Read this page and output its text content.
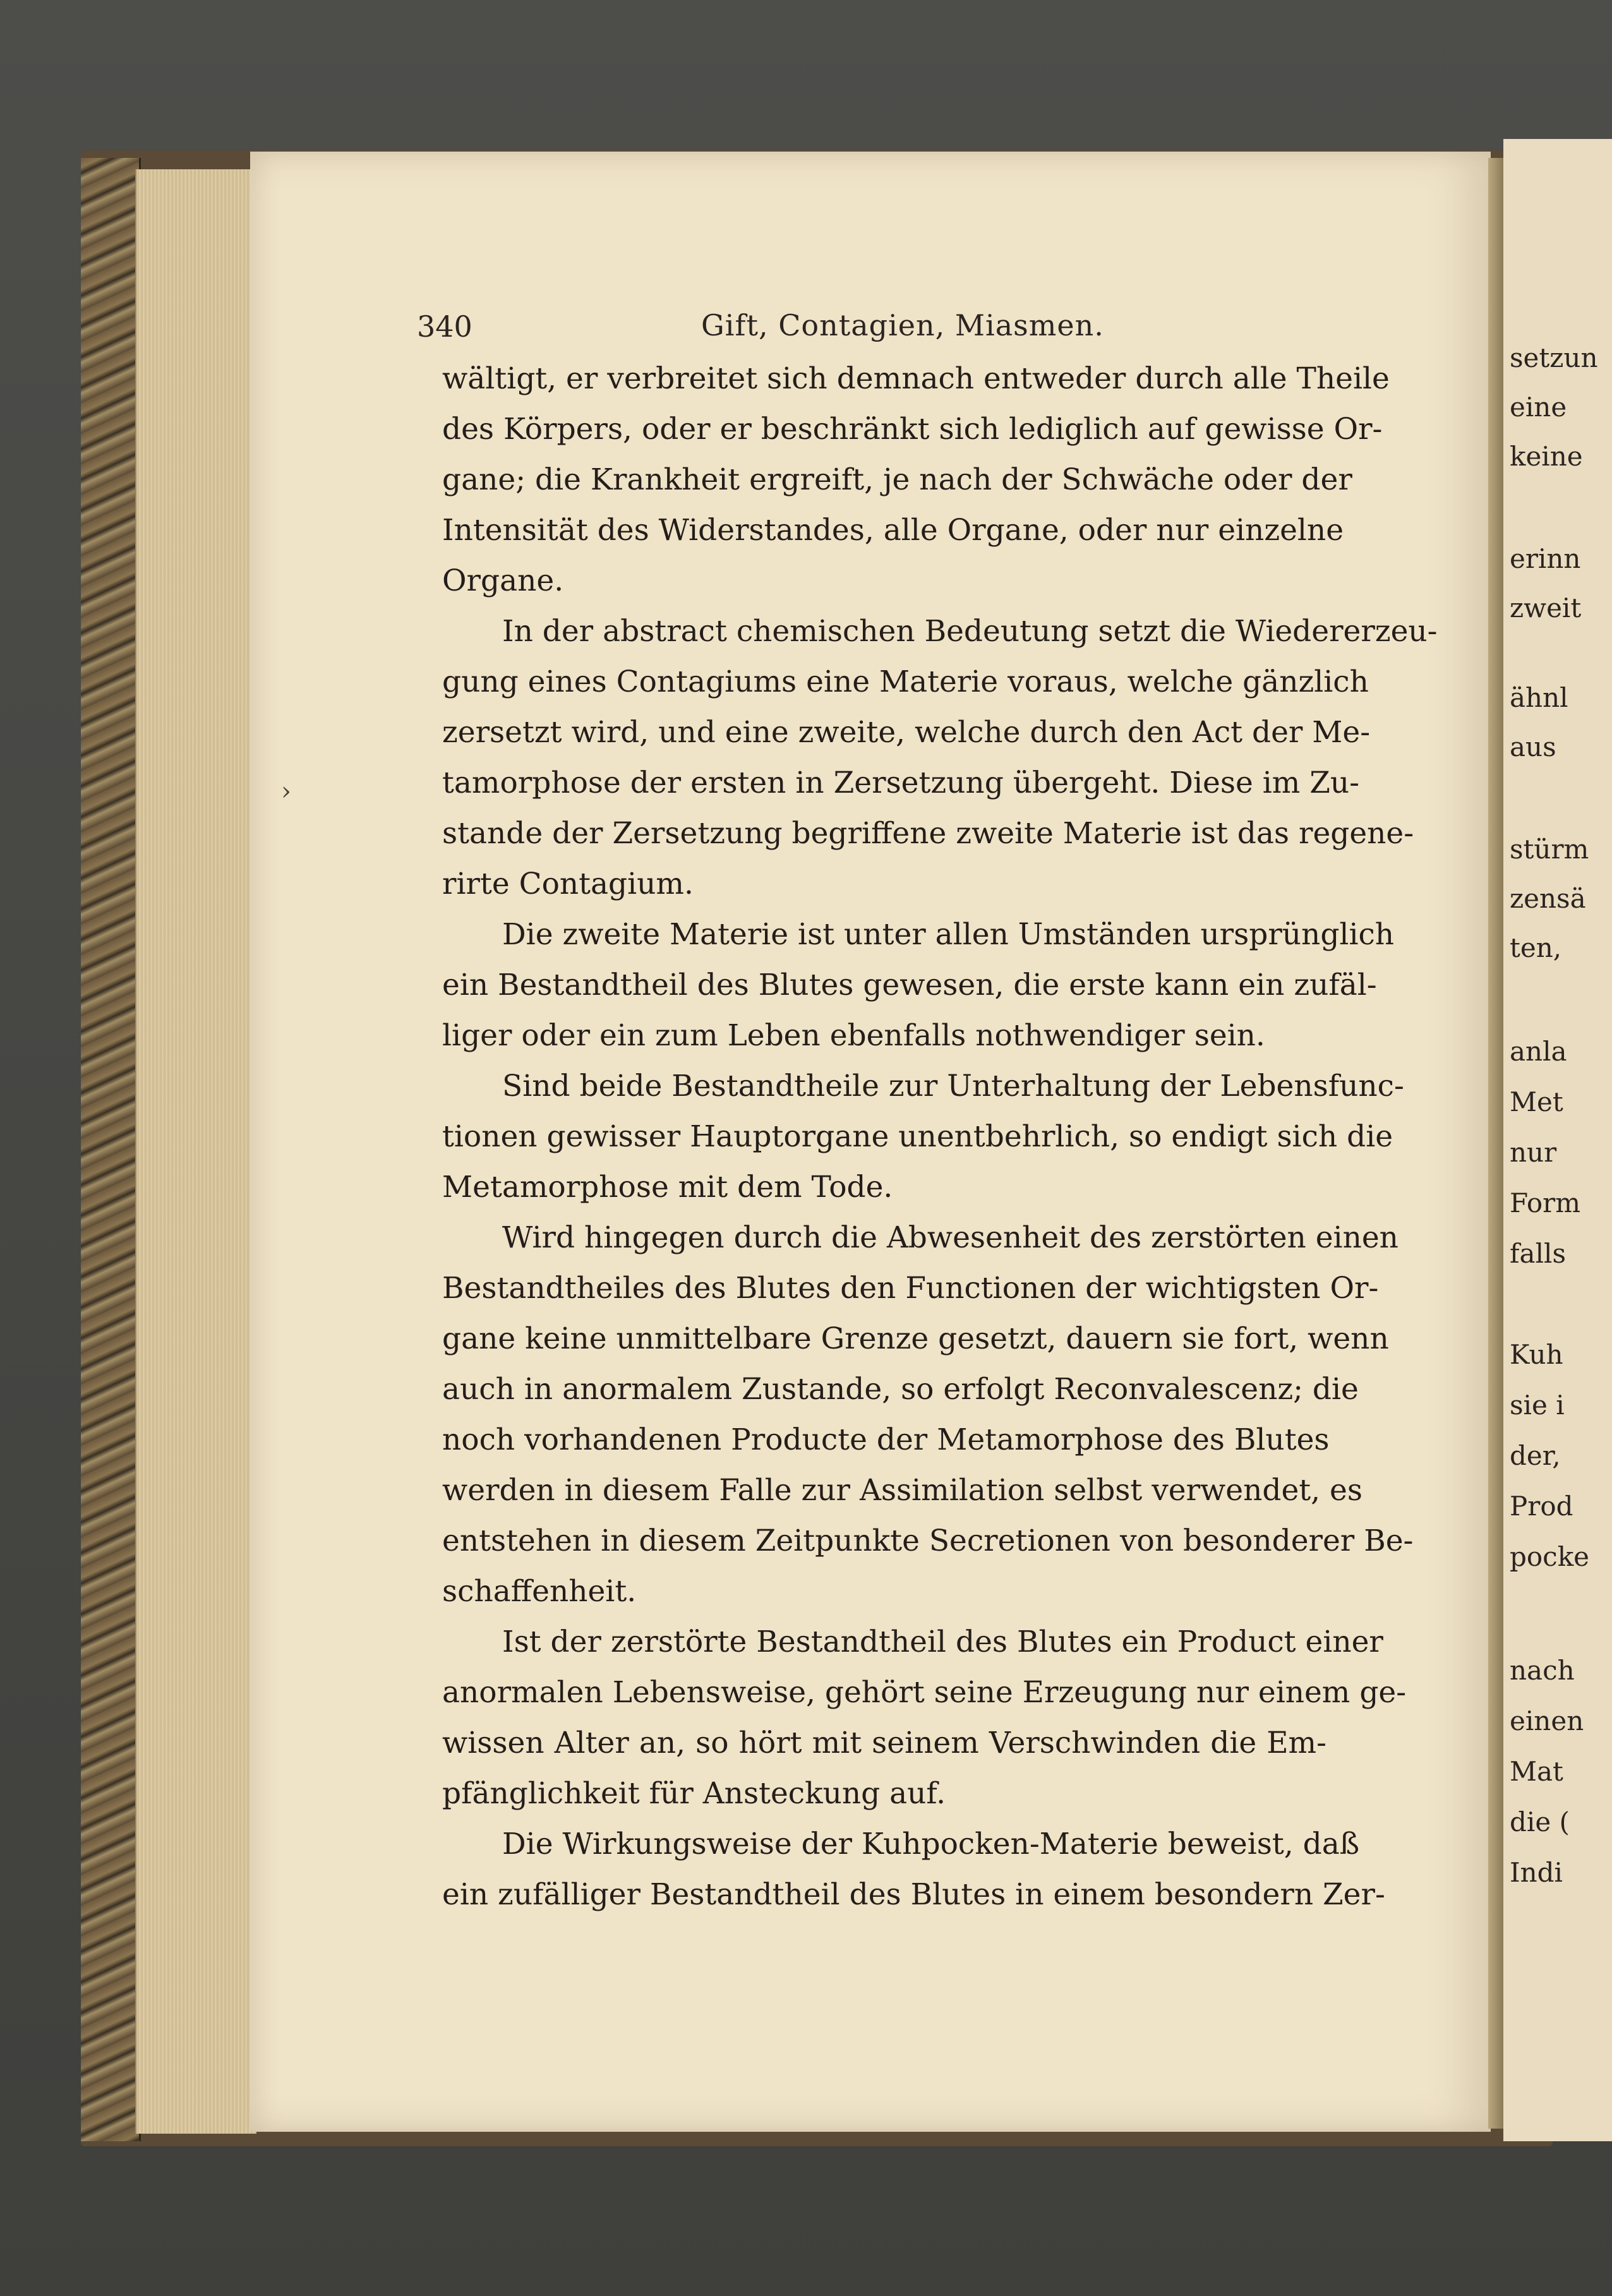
setzun
eine
keine
erinn
zweit
ähnl
aus
stürm
zensä
ten,
anla
Met
nur
Form
falls
Kuh
sie i
der,
Prod
pocke
nach
einen
Mat
die (
Indi
340	Gift, Contagien, Miasmen.
›
wältigt, er verbreitet sich demnach entweder durch alle Theile
des Körpers, oder er beschränkt sich lediglich auf gewisse Or-
gane; die Krankheit ergreift, je nach der Schwäche oder der
Intensität des Widerstandes, alle Organe, oder nur einzelne
Organe.
In der abstract chemischen Bedeutung setzt die Wiedererzeu-
gung eines Contagiums eine Materie voraus, welche gänzlich
zersetzt wird, und eine zweite, welche durch den Act der Me-
tamorphose der ersten in Zersetzung übergeht. Diese im Zu-
stande der Zersetzung begriffene zweite Materie ist das regene-
rirte Contagium.
Die zweite Materie ist unter allen Umständen ursprünglich
ein Bestandtheil des Blutes gewesen, die erste kann ein zufäl-
liger oder ein zum Leben ebenfalls nothwendiger sein.
Sind beide Bestandtheile zur Unterhaltung der Lebensfunc-
tionen gewisser Hauptorgane unentbehrlich, so endigt sich die
Metamorphose mit dem Tode.
Wird hingegen durch die Abwesenheit des zerstörten einen
Bestandtheiles des Blutes den Functionen der wichtigsten Or-
gane keine unmittelbare Grenze gesetzt, dauern sie fort, wenn
auch in anormalem Zustande, so erfolgt Reconvalescenz; die
noch vorhandenen Producte der Metamorphose des Blutes
werden in diesem Falle zur Assimilation selbst verwendet, es
entstehen in diesem Zeitpunkte Secretionen von besonderer Be-
schaffenheit.
Ist der zerstörte Bestandtheil des Blutes ein Product einer
anormalen Lebensweise, gehört seine Erzeugung nur einem ge-
wissen Alter an, so hört mit seinem Verschwinden die Em-
pfänglichkeit für Ansteckung auf.
Die Wirkungsweise der Kuhpocken-Materie beweist, daß
ein zufälliger Bestandtheil des Blutes in einem besondern Zer-
